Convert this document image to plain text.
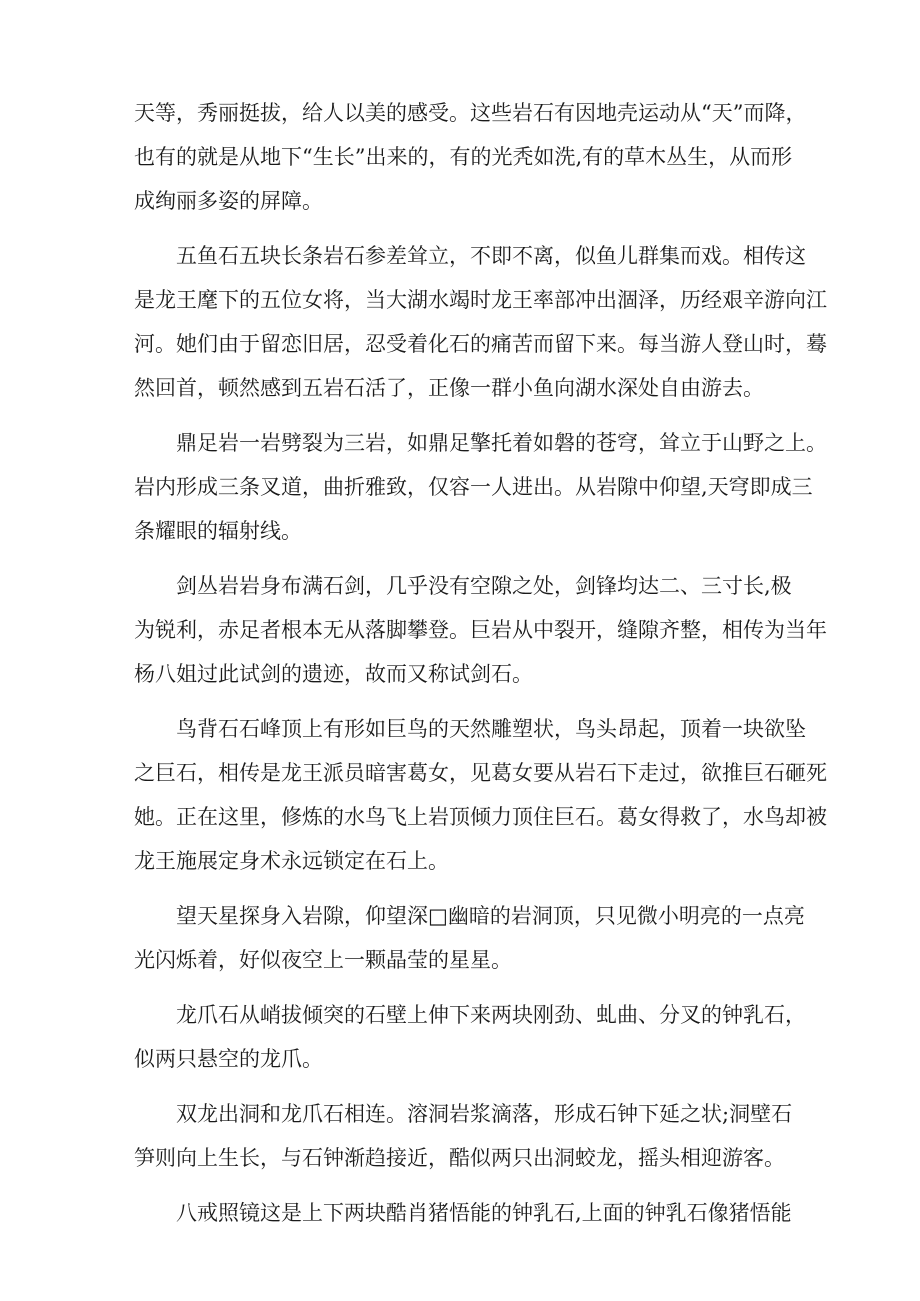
天等，秀丽挺拔，给人以美的感受。这些岩石有因地壳运动从“天”而降，

也有的就是从地下“生长”出来的，有的光秃如洗,有的草木丛生，从而形

成绚丽多姿的屏障。

五鱼石五块长条岩石参差耸立，不即不离，似鱼儿群集而戏。相传这

是龙王麾下的五位女将，当大湖水竭时龙王率部冲出涸泽，历经艰辛游向江

河。她们由于留恋旧居，忍受着化石的痛苦而留下来。每当游人登山时，蓦

然回首，顿然感到五岩石活了，正像一群小鱼向湖水深处自由游去。

鼎足岩一岩劈裂为三岩，如鼎足擎托着如磐的苍穹，耸立于山野之上。

岩内形成三条叉道，曲折雅致，仅容一人进出。从岩隙中仰望,天穹即成三

条耀眼的辐射线。

剑丛岩岩身布满石剑，几乎没有空隙之处，剑锋均达二、三寸长,极

为锐利，赤足者根本无从落脚攀登。巨岩从中裂开，缝隙齐整，相传为当年

杨八姐过此试剑的遗迹，故而又称试剑石。

鸟背石石峰顶上有形如巨鸟的天然雕塑状，鸟头昂起，顶着一块欲坠

之巨石，相传是龙王派员暗害葛女，见葛女要从岩石下走过，欲推巨石砸死

她。正在这里，修炼的水鸟飞上岩顶倾力顶住巨石。葛女得救了，水鸟却被

龙王施展定身术永远锁定在石上。

望天星探身入岩隙，仰望深□幽暗的岩洞顶，只见微小明亮的一点亮

光闪烁着，好似夜空上一颗晶莹的星星。

龙爪石从峭拔倾突的石壁上伸下来两块刚劲、虬曲、分叉的钟乳石，

似两只悬空的龙爪。

双龙出洞和龙爪石相连。溶洞岩浆滴落，形成石钟下延之状;洞壁石

笋则向上生长，与石钟渐趋接近，酷似两只出洞蛟龙，摇头相迎游客。

八戒照镜这是上下两块酷肖猪悟能的钟乳石,上面的钟乳石像猪悟能
